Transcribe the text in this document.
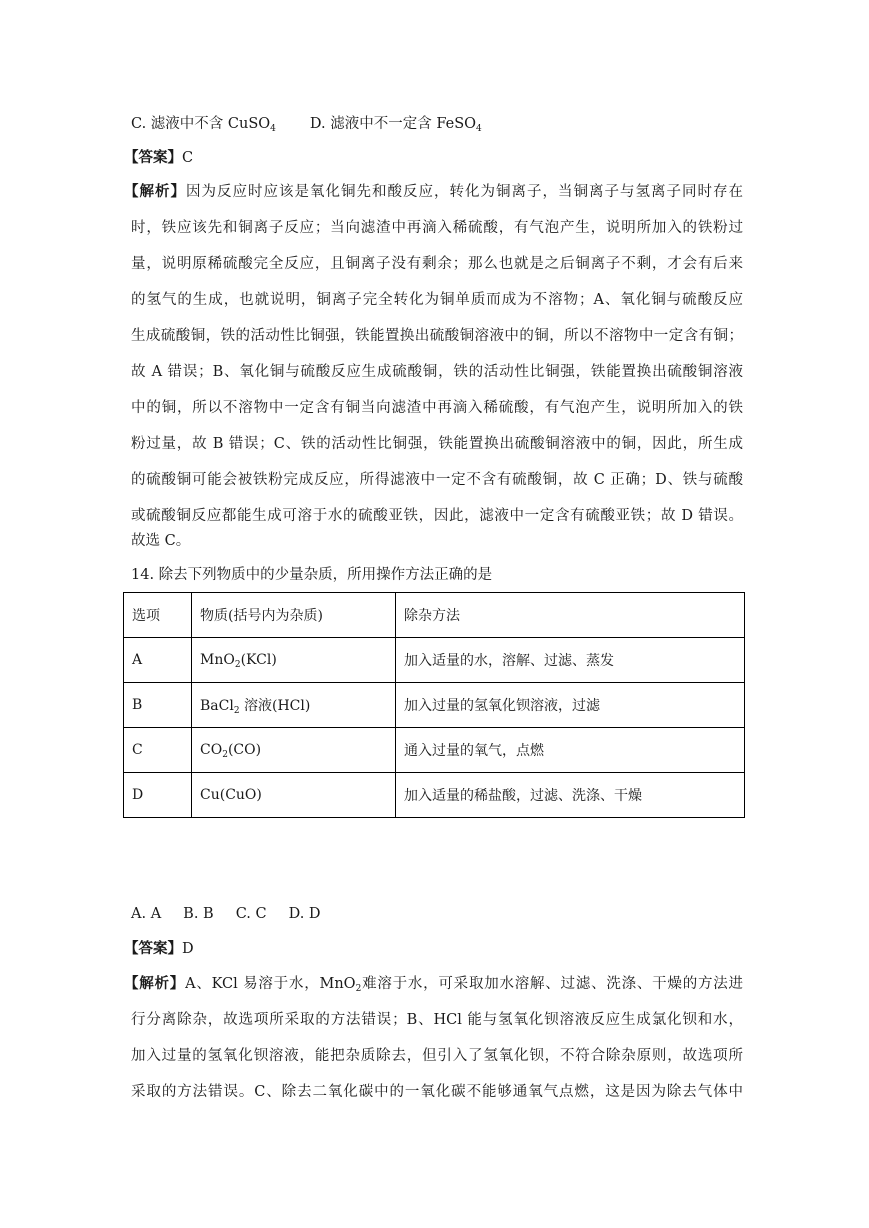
C. 滤液中不含 CuSO$_4$ D. 滤液中不一定含 FeSO$_4$
【答案】C
【解析】因为反应时应该是氧化铜先和酸反应，转化为铜离子，当铜离子与氢离子同时存在
时，铁应该先和铜离子反应；当向滤渣中再滴入稀硫酸，有气泡产生，说明所加入的铁粉过
量，说明原稀硫酸完全反应，且铜离子没有剩余；那么也就是之后铜离子不剩，才会有后来
的氢气的生成，也就说明，铜离子完全转化为铜单质而成为不溶物；A、氧化铜与硫酸反应
生成硫酸铜，铁的活动性比铜强，铁能置换出硫酸铜溶液中的铜，所以不溶物中一定含有铜；
故 A 错误；B、氧化铜与硫酸反应生成硫酸铜，铁的活动性比铜强，铁能置换出硫酸铜溶液
中的铜，所以不溶物中一定含有铜当向滤渣中再滴入稀硫酸，有气泡产生，说明所加入的铁
粉过量，故 B 错误；C、铁的活动性比铜强，铁能置换出硫酸铜溶液中的铜，因此，所生成
的硫酸铜可能会被铁粉完成反应，所得滤液中一定不含有硫酸铜，故 C 正确；D、铁与硫酸
或硫酸铜反应都能生成可溶于水的硫酸亚铁，因此，滤液中一定含有硫酸亚铁；故 D 错误。
故选 C。
14. 除去下列物质中的少量杂质，所用操作方法正确的是
选项	物质(括号内为杂质)	除杂方法
A	MnO$_2$(KCl)	加入适量的水，溶解、过滤、蒸发
B	BaCl$_2$ 溶液(HCl)	加入过量的氢氧化钡溶液，过滤
C	$CO_2(CO)$	通入过量的氧气，点燃
D	Cu(CuO)	加入适量的稀盐酸，过滤、洗涤、干燥
A. A B. B C. C D. D
【答案】D
【解析】A、KCl 易溶于水，MnO$_2$难溶于水，可采取加水溶解、过滤、洗涤、干燥的方法进
行分离除杂，故选项所采取的方法错误；B、HCl 能与氢氧化钡溶液反应生成氯化钡和水，
加入过量的氢氧化钡溶液，能把杂质除去，但引入了氢氧化钡，不符合除杂原则，故选项所
采取的方法错误。C、除去二氧化碳中的一氧化碳不能够通氧气点燃，这是因为除去气体中
